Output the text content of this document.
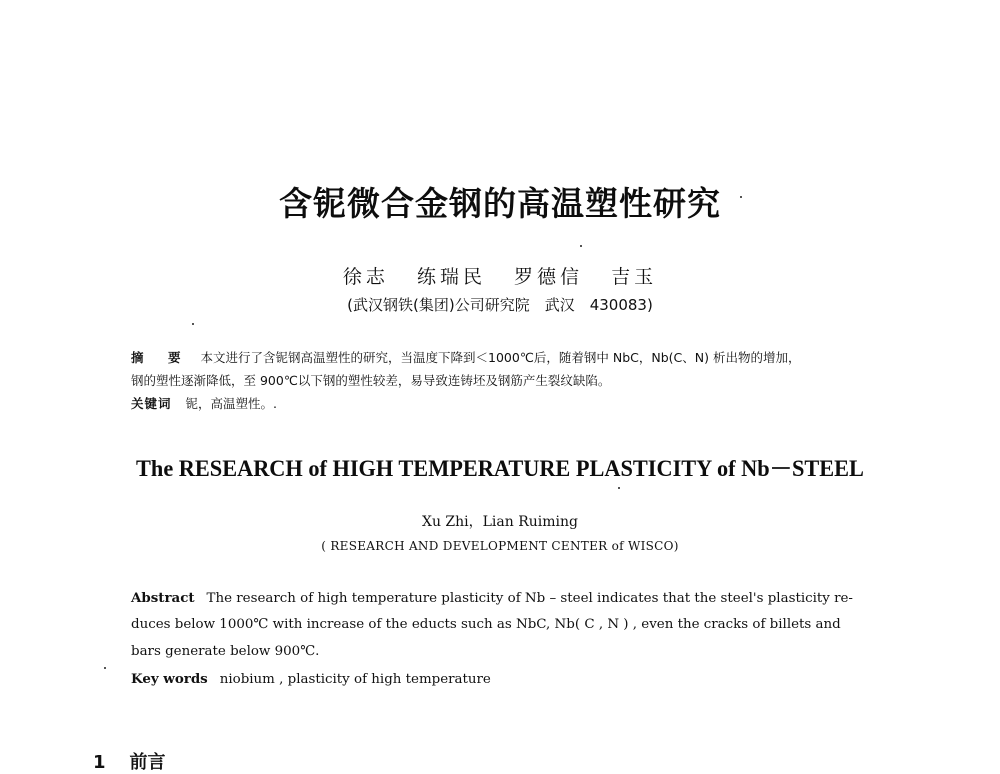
含铌微合金钢的高温塑性研究
徐志 练瑞民 罗德信 吉玉
(武汉钢铁(集团)公司研究院　武汉　430083)
摘　要 本文进行了含铌钢高温塑性的研究，当温度下降到＜1000℃后，随着钢中 NbC，Nb(C、N) 析出物的增加，
钢的塑性逐渐降低，至 900℃以下钢的塑性较差，易导致连铸坯及钢筋产生裂纹缺陷。
关键词 铌，高温塑性。.
The RESEARCH of HIGH TEMPERATURE PLASTICITY of Nb－STEEL
Xu Zhi，Lian Ruiming
( RESEARCH AND DEVELOPMENT CENTER of WISCO)
Abstract The research of high temperature plasticity of Nb – steel indicates that the steel's plasticity re-
duces below 1000℃ with increase of the educts such as NbC, Nb( C , N ) , even the cracks of billets and
bars generate below 900℃.
Key words niobium , plasticity of high temperature
1 前言
